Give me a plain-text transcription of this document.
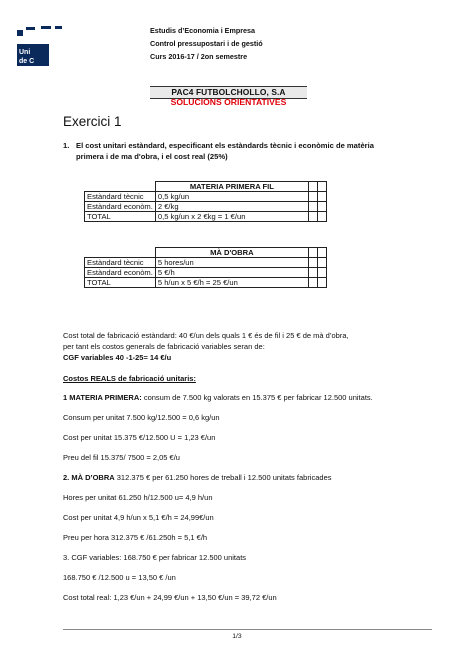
Uni
de C
Estudis d’Economia i Empresa
Control pressupostari i de gestió
Curs 2016-17 / 2on semestre
PAC4 FUTBOLCHOLLO, S.A
SOLUCIONS ORIENTATIVES
Exercici 1
1. El cost unitari estàndard, especificant els estàndards tècnic i econòmic de matèria
primera i de ma d'obra, i el cost real (25%)
	MATERIA PRIMERA FIL		
Estàndard tècnic	0,5 kg/un		
Estàndard econòm.	2 €/kg		
TOTAL	0,5 kg/un x 2 €kg = 1 €/un		
	MÀ D'OBRA		
Estàndard tècnic	5 hores/un		
Estàndard econòm.	5 €/h		
TOTAL	5 h/un x 5 €/h = 25 €/un		
Cost total de fabricació estàndard: 40 €/un dels quals 1 € és de fil i 25 € de mà d’obra,
per tant els costos generals de fabricació variables seran de:
CGF variables 40 -1-25= 14 €/u
Costos REALS de fabricació unitaris:
1 MATERIA PRIMERA: consum de 7.500 kg valorats en 15.375 € per fabricar 12.500 unitats.
Consum per unitat 7.500 kg/12.500 = 0,6 kg/un
Cost per unitat 15.375 €/12.500 U = 1,23 €/un
Preu del fil 15.375/ 7500 = 2,05 €/u
2. MÀ D’OBRA 312.375 € per 61.250 hores de treball i 12.500 unitats fabricades
Hores per unitat 61.250 h/12.500 u= 4,9 h/un
Cost per unitat 4,9 h/un x 5,1 €/h = 24,99€/un
Preu per hora 312.375 € /61.250h = 5,1 €/h
3. CGF variables: 168.750 € per fabricar 12.500 unitats
168.750 € /12.500 u = 13,50 € /un
Cost total real: 1,23 €/un + 24,99 €/un + 13,50 €/un = 39,72 €/un
1/3
